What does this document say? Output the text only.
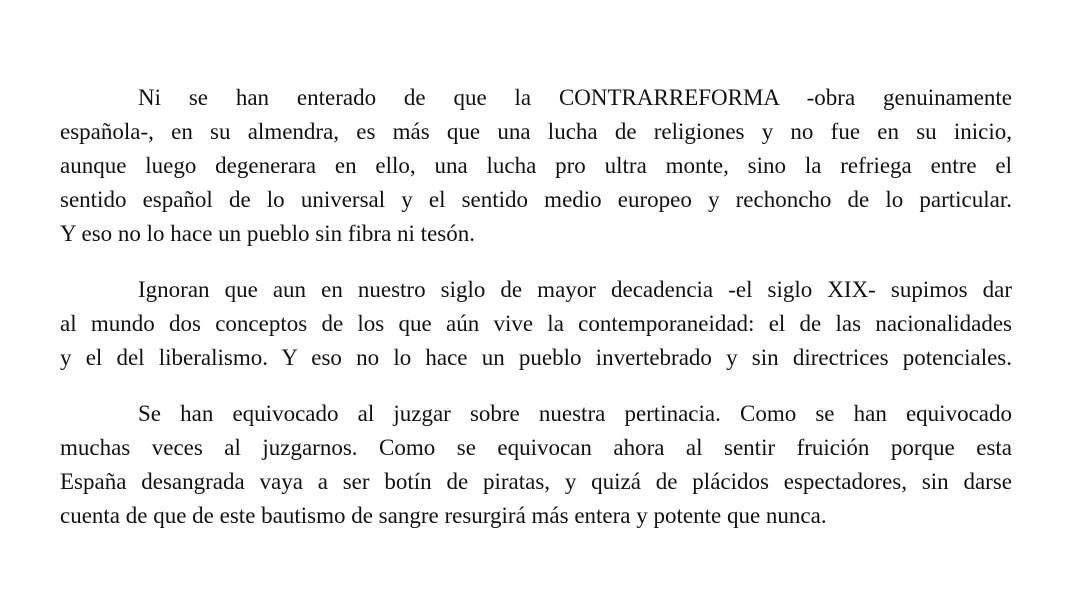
Ni se han enterado de que la CONTRARREFORMA -obra genuinamente
española-, en su almendra, es más que una lucha de religiones y no fue en su inicio,
aunque luego degenerara en ello, una lucha pro ultra monte, sino la refriega entre el
sentido español de lo universal y el sentido medio europeo y rechoncho de lo particular.
Y eso no lo hace un pueblo sin fibra ni tesón.
Ignoran que aun en nuestro siglo de mayor decadencia -el siglo XIX- supimos dar
al mundo dos conceptos de los que aún vive la contemporaneidad: el de las nacionalidades
y el del liberalismo. Y eso no lo hace un pueblo invertebrado y sin directrices potenciales.
Se han equivocado al juzgar sobre nuestra pertinacia. Como se han equivocado
muchas veces al juzgarnos. Como se equivocan ahora al sentir fruición porque esta
España desangrada vaya a ser botín de piratas, y quizá de plácidos espectadores, sin darse
cuenta de que de este bautismo de sangre resurgirá más entera y potente que nunca.
